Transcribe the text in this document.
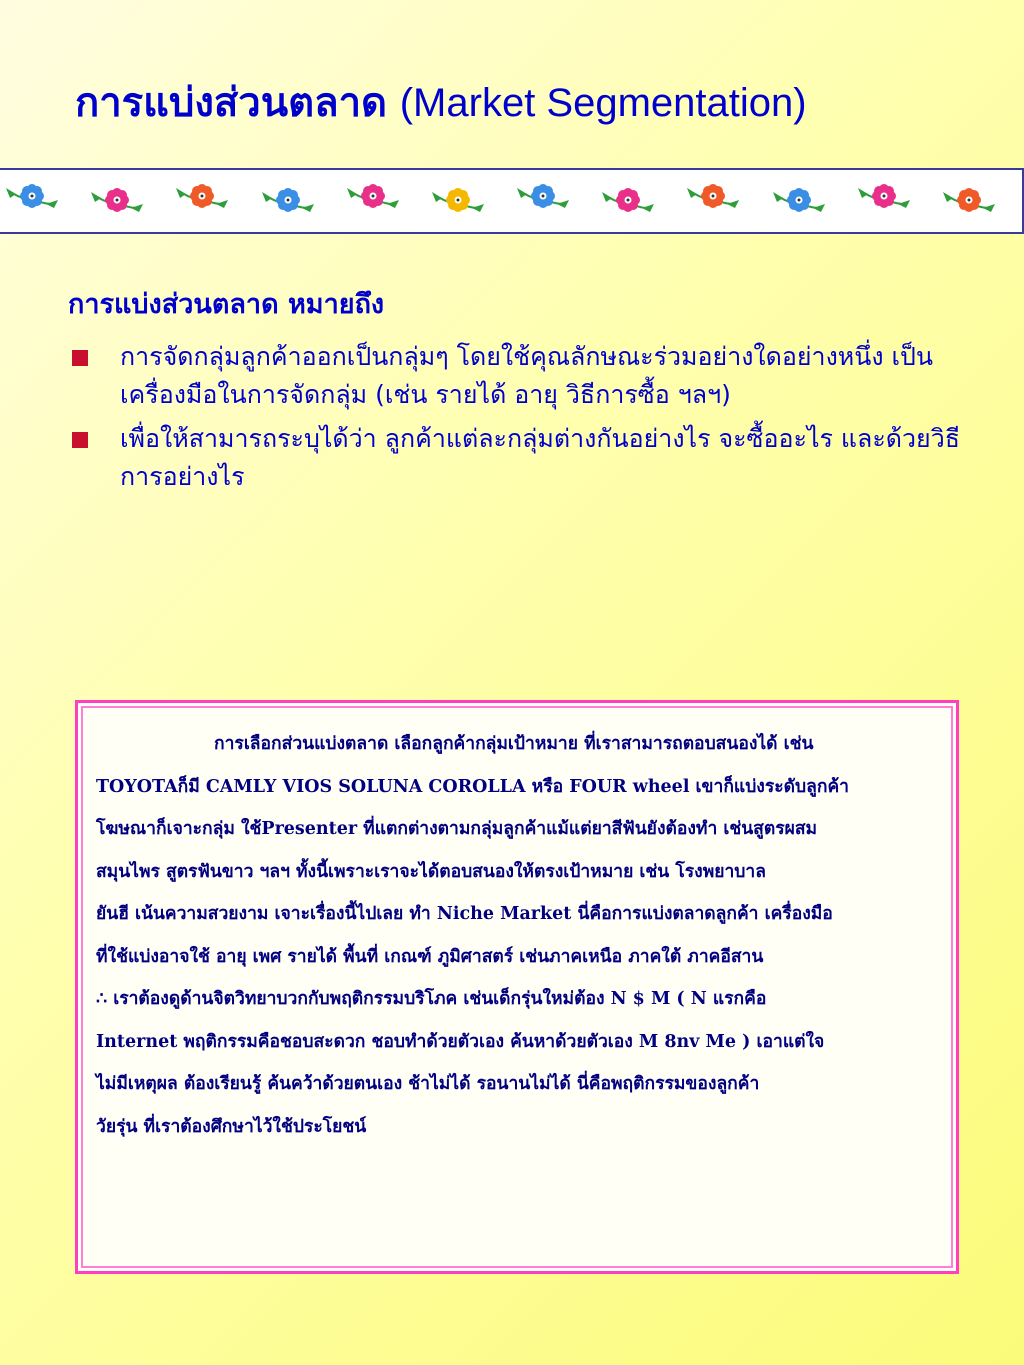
การแบ่งส่วนตลาด (Market Segmentation)
การแบ่งส่วนตลาด หมายถึง
การจัดกลุ่มลูกค้าออกเป็นกลุ่มๆ โดยใช้คุณลักษณะร่วมอย่างใดอย่างหนึ่ง เป็นเครื่องมือในการจัดกลุ่ม (เช่น รายได้ อายุ วิธีการซื้อ ฯลฯ)
เพื่อให้สามารถระบุได้ว่า ลูกค้าแต่ละกลุ่มต่างกันอย่างไร จะซื้ออะไร และด้วยวิธีการอย่างไร

การเลือกส่วนแบ่งตลาด เลือกลูกค้ากลุ่มเป้าหมาย ที่เราสามารถตอบสนองได้ เช่น
TOYOTAก็มี CAMLY VIOS SOLUNA COROLLA หรือ FOUR wheel เขาก็แบ่งระดับลูกค้า
โฆษณาก็เจาะกลุ่ม ใช้Presenter ที่แตกต่างตามกลุ่มลูกค้าแม้แต่ยาสีฟันยังต้องทำ เช่นสูตรผสม
สมุนไพร สูตรฟันขาว ฯลฯ ทั้งนี้เพราะเราจะได้ตอบสนองให้ตรงเป้าหมาย เช่น โรงพยาบาล
ยันฮี เน้นความสวยงาม เจาะเรื่องนี้ไปเลย ทำ Niche Market นี่คือการแบ่งตลาดลูกค้า เครื่องมือ
ที่ใช้แบ่งอาจใช้ อายุ เพศ รายได้ พื้นที่ เกณฑ์ ภูมิศาสตร์ เช่นภาคเหนือ ภาคใต้ ภาคอีสาน
∴ เราต้องดูด้านจิตวิทยาบวกกับพฤติกรรมบริโภค เช่นเด็กรุ่นใหม่ต้อง N $ M ( N แรกคือ
Internet พฤติกรรมคือชอบสะดวก ชอบทำด้วยตัวเอง ค้นหาด้วยตัวเอง M 8nv Me ) เอาแต่ใจ
ไม่มีเหตุผล ต้องเรียนรู้ ค้นคว้าด้วยตนเอง ช้าไม่ได้ รอนานไม่ได้ นี่คือพฤติกรรมของลูกค้า
วัยรุ่น ที่เราต้องศึกษาไว้ใช้ประโยชน์
